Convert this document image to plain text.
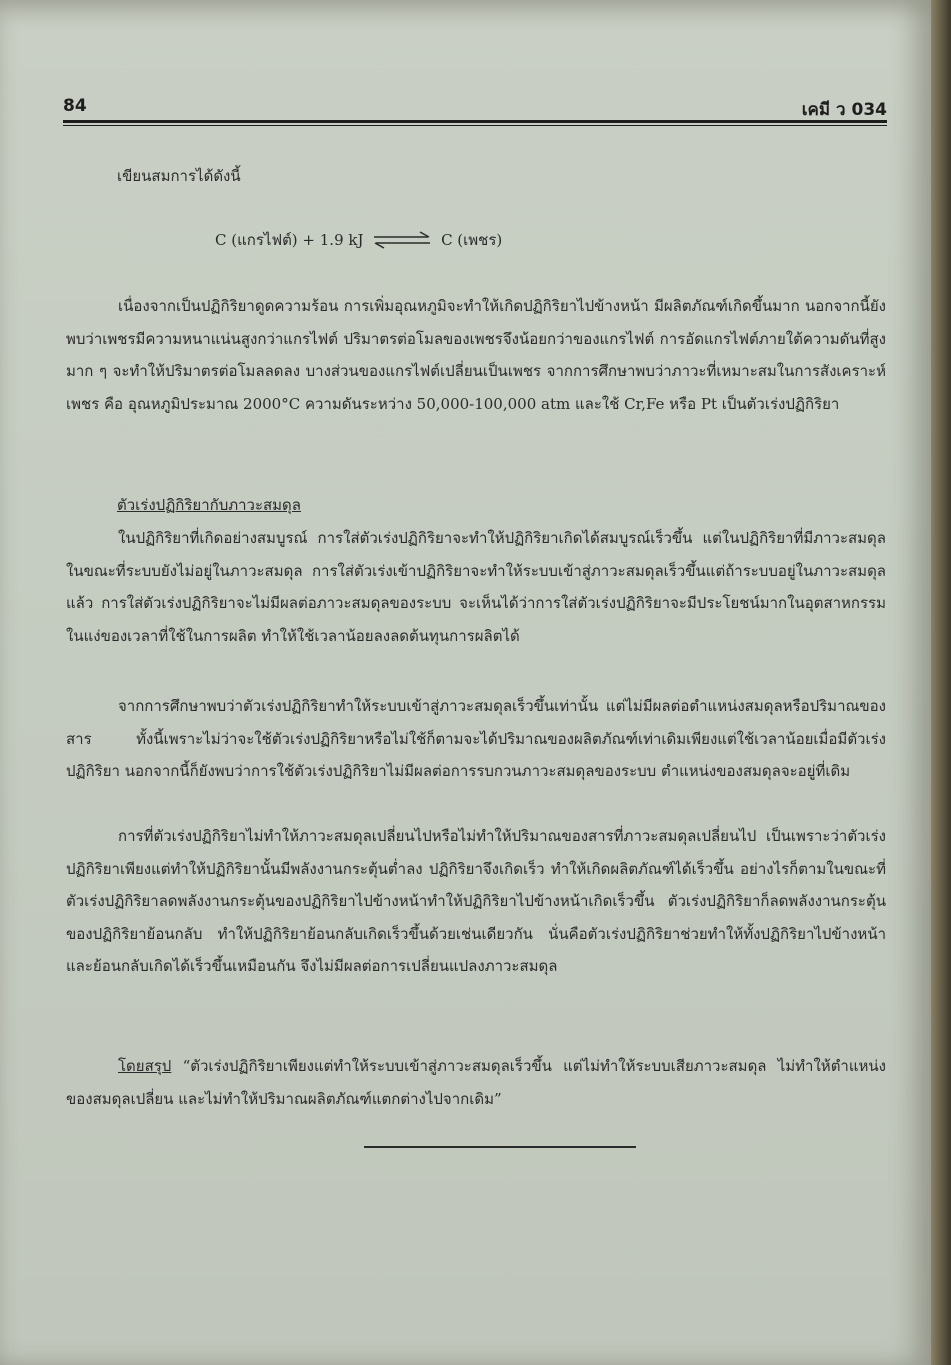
84	เคมี ว 034
เขียนสมการได้ดังนี้
C (แกรไฟต์) + 1.9 kJ ⇌ C (เพชร)

เนื่องจากเป็นปฏิกิริยาดูดความร้อน การเพิ่มอุณหภูมิจะทำให้เกิดปฏิกิริยาไปข้างหน้า มีผลิตภัณฑ์เกิดขึ้นมาก นอกจากนี้ยังพบว่าเพชรมีความหนาแน่นสูงกว่าแกรไฟต์ ปริมาตรต่อโมลของเพชรจึงน้อยกว่าของแกรไฟต์ การอัดแกรไฟต์ภายใต้ความดันที่สูงมาก ๆ จะทำให้ปริมาตรต่อโมลลดลง บางส่วนของแกรไฟต์เปลี่ยนเป็นเพชร จากการศึกษาพบว่าภาวะที่เหมาะสมในการสังเคราะห์เพชร คือ อุณหภูมิประมาณ 2000°C ความดันระหว่าง 50,000-100,000 atm และใช้ Cr,Fe หรือ Pt เป็นตัวเร่งปฏิกิริยา

ตัวเร่งปฏิกิริยากับภาวะสมดุล

ในปฏิกิริยาที่เกิดอย่างสมบูรณ์ การใส่ตัวเร่งปฏิกิริยาจะทำให้ปฏิกิริยาเกิดได้สมบูรณ์เร็วขึ้น แต่ในปฏิกิริยาที่มีภาวะสมดุล ในขณะที่ระบบยังไม่อยู่ในภาวะสมดุล การใส่ตัวเร่งเข้าปฏิกิริยาจะทำให้ระบบเข้าสู่ภาวะสมดุลเร็วขึ้นแต่ถ้าระบบอยู่ในภาวะสมดุลแล้ว การใส่ตัวเร่งปฏิกิริยาจะไม่มีผลต่อภาวะสมดุลของระบบ จะเห็นได้ว่าการใส่ตัวเร่งปฏิกิริยาจะมีประโยชน์มากในอุตสาหกรรมในแง่ของเวลาที่ใช้ในการผลิต ทำให้ใช้เวลาน้อยลงลดต้นทุนการผลิตได้

จากการศึกษาพบว่าตัวเร่งปฏิกิริยาทำให้ระบบเข้าสู่ภาวะสมดุลเร็วขึ้นเท่านั้น แต่ไม่มีผลต่อตำแหน่งสมดุลหรือปริมาณของสาร ทั้งนี้เพราะไม่ว่าจะใช้ตัวเร่งปฏิกิริยาหรือไม่ใช้ก็ตามจะได้ปริมาณของผลิตภัณฑ์เท่าเดิมเพียงแต่ใช้เวลาน้อยเมื่อมีตัวเร่งปฏิกิริยา นอกจากนี้ก็ยังพบว่าการใช้ตัวเร่งปฏิกิริยาไม่มีผลต่อการรบกวนภาวะสมดุลของระบบ ตำแหน่งของสมดุลจะอยู่ที่เดิม

การที่ตัวเร่งปฏิกิริยาไม่ทำให้ภาวะสมดุลเปลี่ยนไปหรือไม่ทำให้ปริมาณของสารที่ภาวะสมดุลเปลี่ยนไป เป็นเพราะว่าตัวเร่งปฏิกิริยาเพียงแต่ทำให้ปฏิกิริยานั้นมีพลังงานกระตุ้นต่ำลง ปฏิกิริยาจึงเกิดเร็ว ทำให้เกิดผลิตภัณฑ์ได้เร็วขึ้น อย่างไรก็ตามในขณะที่ตัวเร่งปฏิกิริยาลดพลังงานกระตุ้นของปฏิกิริยาไปข้างหน้าทำให้ปฏิกิริยาไปข้างหน้าเกิดเร็วขึ้น ตัวเร่งปฏิกิริยาก็ลดพลังงานกระตุ้นของปฏิกิริยาย้อนกลับ ทำให้ปฏิกิริยาย้อนกลับเกิดเร็วขึ้นด้วยเช่นเดียวกัน นั่นคือตัวเร่งปฏิกิริยาช่วยทำให้ทั้งปฏิกิริยาไปข้างหน้าและย้อนกลับเกิดได้เร็วขึ้นเหมือนกัน จึงไม่มีผลต่อการเปลี่ยนแปลงภาวะสมดุล

โดยสรุป “ตัวเร่งปฏิกิริยาเพียงแต่ทำให้ระบบเข้าสู่ภาวะสมดุลเร็วขึ้น แต่ไม่ทำให้ระบบเสียภาวะสมดุล ไม่ทำให้ตำแหน่งของสมดุลเปลี่ยน และไม่ทำให้ปริมาณผลิตภัณฑ์แตกต่างไปจากเดิม”
